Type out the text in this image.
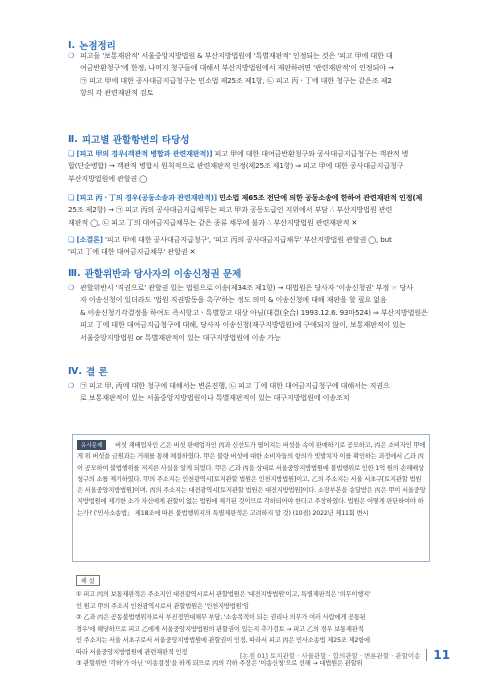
Ⅰ. 논점정리
❍ 피고들 '보통재판적' 서울중앙지방법원 & 부산지방법원에 '특별재판적' 인정되는 것은 '피고 甲에 대한 대
여금반환청구'에 한정, 나머지 청구들에 대해서 부산지방법원에서 재판하려면 '관련재판적'이 인정되야 →
㉠ 피고 甲에 대한 공사대금지급청구는 민소법 제25조 제1항, ㉡ 피고 丙ㆍ丁에 대한 청구는 같은조 제2
항의 각 관련재판적 검토
Ⅱ. 피고별 관할항변의 타당성
❏ [피고 甲의 경우(객관적 병합과 관련재판적)] 피고 甲에 대한 대여금반환청구와 공사대금지급청구는 객관적 병
합(단순병합) → 객관적 병합시 원칙적으로 관련재판적 인정(제25조 제1항) ⇒ 피고 甲에 대한 공사대금지급청구
부산지방법원에 관할권 ◯
❏ [피고 丙ㆍ丁의 경우(공동소송과 관련재판적)] 민소법 제65조 전단에 의한 공동소송에 한하여 관련재판적 인정(제
25조 제2항) → ㉠ 피고 丙의 공사대금지급채무는 피고 甲과 공동도급인 지위에서 부담 ∴ 부산지방법원 관련
재판적 ◯, ㉡ 피고 丁의 대여금지급채무는 같은 종류 채무에 불과 ∴ 부산지방법원 관련재판적 ✕
❏ [소결론] '피고 甲에 대한 공사대금지급청구', '피고 丙의 공사대금지급채무' 부산지방법원 관할권 ◯, but
'피고 丁에 대한 대여금지급채무' 관할권 ✕
Ⅲ. 관할위반과 당사자의 이송신청권 문제
❍ 관할위반시 '직권으로' 관할권 있는 법원으로 이송(제34조 제1항) → 대법원은 당사자 '이송신청권' 부정 ☞ 당사
자 이송신청이 있더라도 '법원 직권발동을 촉구'하는 정도 의미 & 이송신청에 대해 재판을 할 필요 없음
& 이송신청기각결정을 하여도 즉시항고ㆍ특별항고 대상 아님(대결(全合) 1993.12.6. 93마524) ⇒ 부산지방법원은
피고 丁에 대한 대여금지급청구에 대해, 당사자 이송신청(재구지방법원)에 구애되지 않이, 보통재판적이 있는
서울중앙지방법원 or 특별재판적이 있는 대구지방법원에 이송 가능
Ⅳ. 결 론
❍ ㉠ 피고 甲, 丙에 대한 청구에 대해서는 변론진행, ㉡ 피고 丁에 대한 대여금지급청구에 대해서는 직권으
로 보통재판적이 있는 서울중앙지방법원이나 특별재판적이 있는 대구지방법원에 이송조치
버섯 재배업자인 乙은 버섯 판매업자인 丙과 신선도가 떨어지는 버섯을 속여 판매하기로 공모하고, 丙은 소비자인 甲에게 위 버섯을 금원과는 거래를 통해 체결하였다. 甲은 불량 버섯에 대한 소비자들의 항의가 빗발치자 이를 확인하는 과정에서 乙과 丙이 공모하여 불법행위를 저지른 사실을 알게 되었다. 甲은 乙과 丙을 상대로 서울중앙지방법원에 불법행위로 인한 1억 원의 손해배상청구의 소를 제기하였다. 甲의 주소지는 인천광역시[토지관할 법원은 인천지방법원]이고, 乙의 주소지는 서울 서초구[토지관할 법원은 서울중앙지방법원]이며, 丙의 주소지는 대전광역시[토지관할 법원은 대전지방법원]이다. 소장부본을 송달받은 丙은 甲이 서울중앙지방법원에 제기한 소가 자신에게 관할이 없는 법원에 제기된 것이므로 각하되어야 한다고 주장하였다. 법원은 어떻게 판단하여야 하는가? ('민사소송법」 제18조에 따른 불법행위지의 특별재판적은 고려하지 말 것) (10점) 2022년 제11회 변시
유사문제
해 설
① 피고 丙의 보통재판적은 주소지인 대전광역시로서 관할법원은 '대전지방법원'이고, 특별재판적은 '의무이행지'
인 원고 甲의 주소지 인천광역시로서 관할법원은 '인천지방법원'임
② 乙과 丙은 공동불법행위자로서 부진정연대채무 부담, '소송목적이 되는 권리나 의무가 여러 사람에게 공통된
경우'에 해당하므로 피고 乙에게 서울중앙지방법원의 관할권이 있는지 추가검토 → 피고 乙의 경우 보통재판적
인 주소지는 서울 서초구로서 서울중앙지방법원에 관할권이 인정, 따라서 피고 丙은 민사소송법 제25조 제2항에
따라 서울중앙지방법원에 관련재판적 인정
③ 관할위반 '각하'가 아닌 '이송결정'을 하게 되므로 丙의 각하 주장은 '이송신청'으로 선해 → 대법원은 관할위
[논점 01] 토지관할 · 사물관할 · 합의관할 · 변론관할 · 관할이송 11
